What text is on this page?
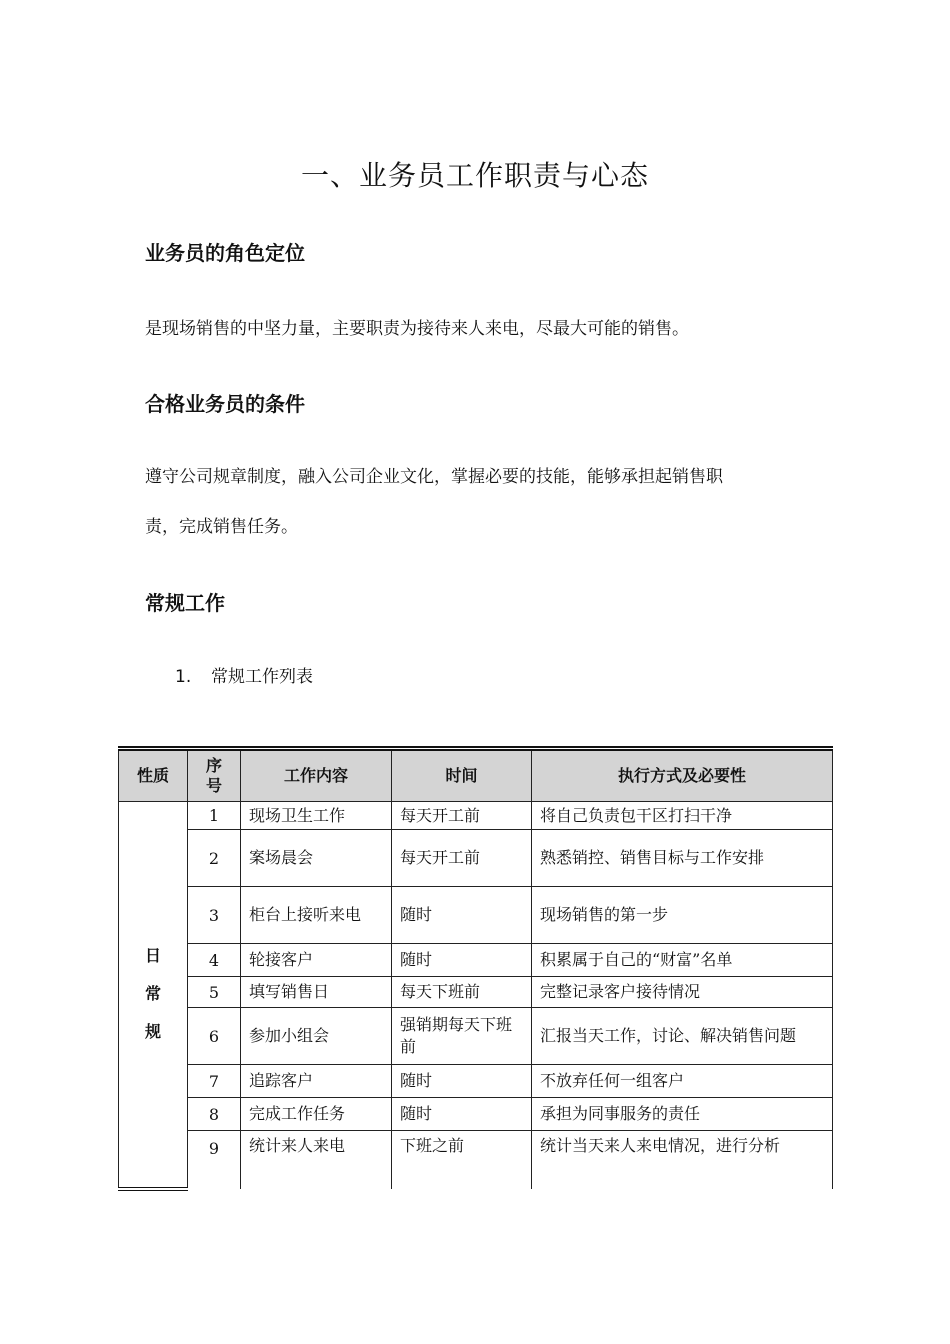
一、业务员工作职责与心态
业务员的角色定位
是现场销售的中坚力量，主要职责为接待来人来电，尽最大可能的销售。
合格业务员的条件
遵守公司规章制度，融入公司企业文化，掌握必要的技能，能够承担起销售职
责，完成销售任务。
常规工作
1. 常规工作列表
性质	序号	工作内容	时间	执行方式及必要性

日
常
规	1	现场卫生工作	每天开工前	将自己负责包干区打扫干净
	2	案场晨会	每天开工前	熟悉销控、销售目标与工作安排
	3	柜台上接听来电	随时	现场销售的第一步
	4	轮接客户	随时	积累属于自己的“财富”名单
	5	填写销售日	每天下班前	完整记录客户接待情况
	6	参加小组会	强销期每天下班前	汇报当天工作，讨论、解决销售问题
	7	追踪客户	随时	不放弃任何一组客户
	8	完成工作任务	随时	承担为同事服务的责任
	9	统计来人来电	下班之前	统计当天来人来电情况，进行分析
